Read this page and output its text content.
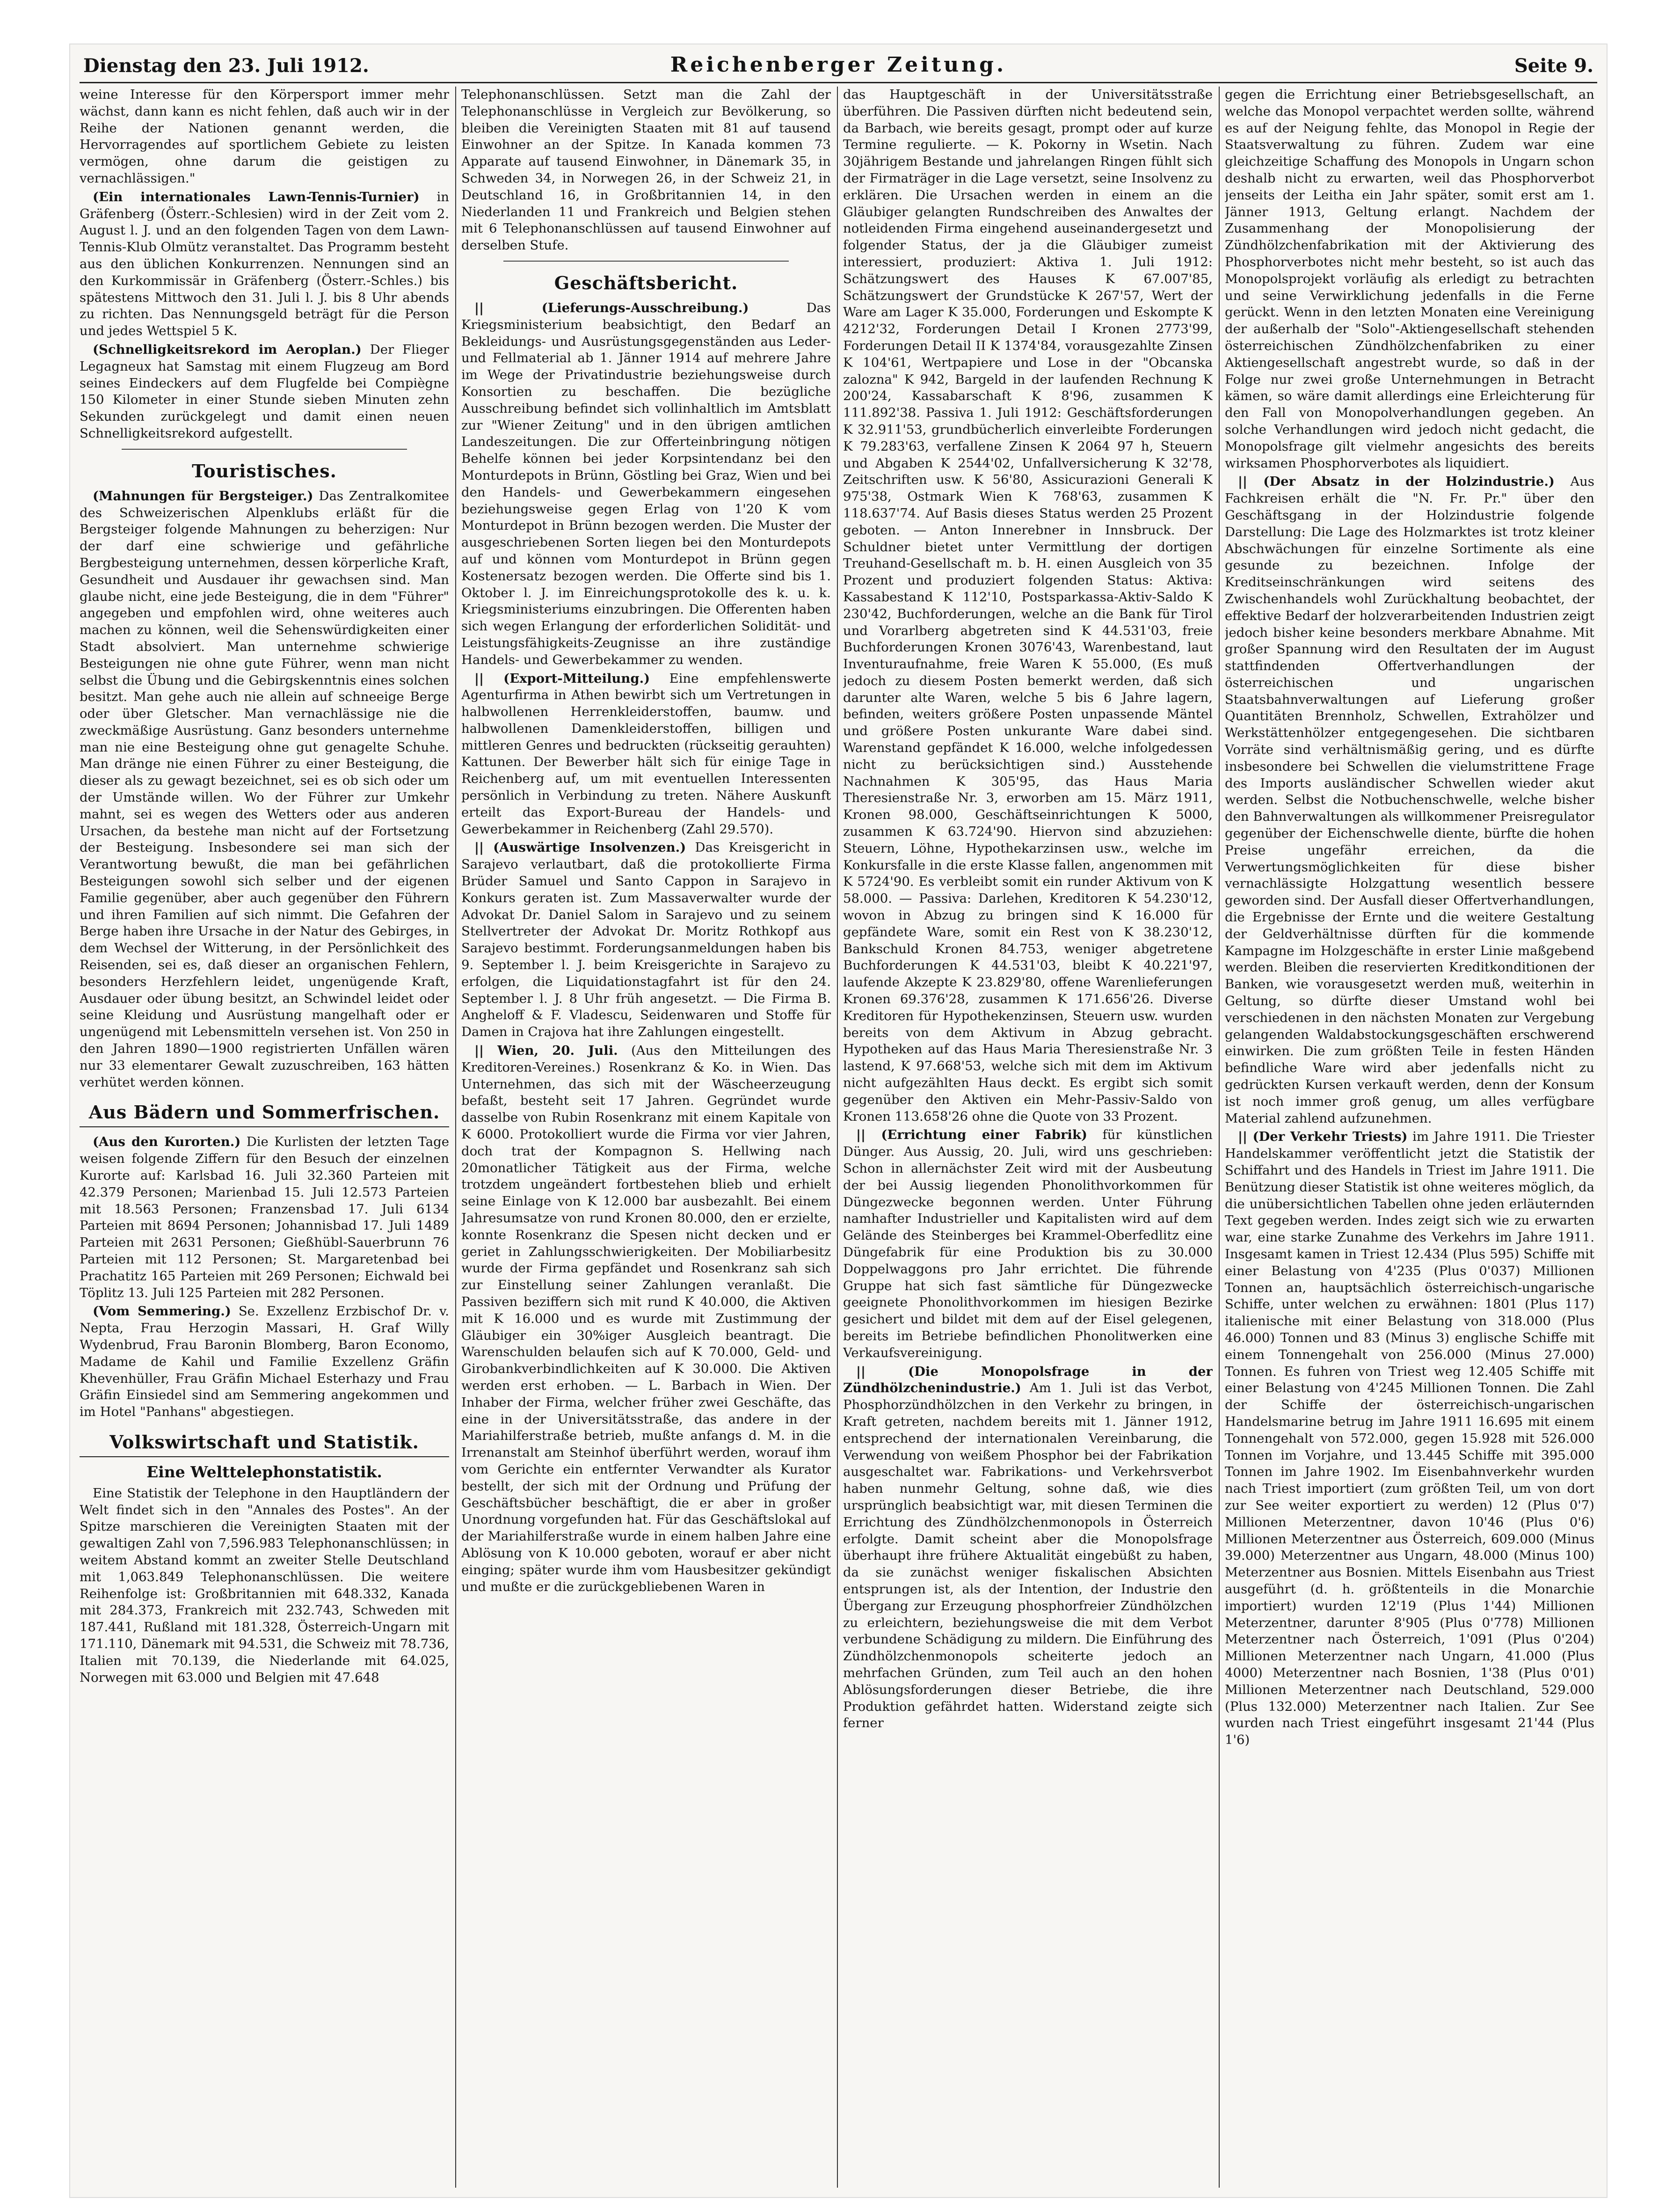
Dienstag den 23. Juli 1912.	Reichenberger Zeitung.	Seite 9.

weine Interesse für den Körpersport immer mehr wächst, dann kann es nicht fehlen, daß auch wir in der Reihe der Nationen genannt werden, die Hervorragendes auf sportlichem Gebiete zu leisten vermögen, ohne darum die geistigen zu vernachlässigen."

(Ein internationales Lawn-Tennis-Turnier) in Gräfenberg (Österr.-Schlesien) wird in der Zeit vom 2. August l. J. und an den folgenden Tagen von dem Lawn-Tennis-Klub Olmütz veranstaltet. Das Programm besteht aus den üblichen Konkurrenzen. Nennungen sind an den Kurkommissär in Gräfenberg (Österr.-Schles.) bis spätestens Mittwoch den 31. Juli l. J. bis 8 Uhr abends zu richten. Das Nennungsgeld beträgt für die Person und jedes Wettspiel 5 K.

(Schnelligkeitsrekord im Aeroplan.) Der Flieger Legagneux hat Samstag mit einem Flugzeug am Bord seines Eindeckers auf dem Flugfelde bei Compiègne 150 Kilometer in einer Stunde sieben Minuten zehn Sekunden zurückgelegt und damit einen neuen Schnelligkeitsrekord aufgestellt.

Touristisches.

(Mahnungen für Bergsteiger.) Das Zentralkomitee des Schweizerischen Alpenklubs erläßt für die Bergsteiger folgende Mahnungen zu beherzigen: Nur der darf eine schwierige und gefährliche Bergbesteigung unternehmen, dessen körperliche Kraft, Gesundheit und Ausdauer ihr gewachsen sind. Man glaube nicht, eine jede Besteigung, die in dem "Führer" angegeben und empfohlen wird, ohne weiteres auch machen zu können, weil die Sehenswürdigkeiten einer Stadt absolviert. Man unternehme schwierige Besteigungen nie ohne gute Führer, wenn man nicht selbst die Übung und die Gebirgskenntnis eines solchen besitzt. Man gehe auch nie allein auf schneeige Berge oder über Gletscher. Man vernachlässige nie die zweckmäßige Ausrüstung. Ganz besonders unternehme man nie eine Besteigung ohne gut genagelte Schuhe. Man dränge nie einen Führer zu einer Besteigung, die dieser als zu gewagt bezeichnet, sei es ob sich oder um der Umstände willen. Wo der Führer zur Umkehr mahnt, sei es wegen des Wetters oder aus anderen Ursachen, da bestehe man nicht auf der Fortsetzung der Besteigung. Insbesondere sei man sich der Verantwortung bewußt, die man bei gefährlichen Besteigungen sowohl sich selber und der eigenen Familie gegenüber, aber auch gegenüber den Führern und ihren Familien auf sich nimmt. Die Gefahren der Berge haben ihre Ursache in der Natur des Gebirges, in dem Wechsel der Witterung, in der Persönlichkeit des Reisenden, sei es, daß dieser an organischen Fehlern, besonders Herzfehlern leidet, ungenügende Kraft, Ausdauer oder übung besitzt, an Schwindel leidet oder seine Kleidung und Ausrüstung mangelhaft oder er ungenügend mit Lebensmitteln versehen ist. Von 250 in den Jahren 1890—1900 registrierten Unfällen wären nur 33 elementarer Gewalt zuzuschreiben, 163 hätten verhütet werden können.

Aus Bädern und Sommerfrischen.

(Aus den Kurorten.) Die Kurlisten der letzten Tage weisen folgende Ziffern für den Besuch der einzelnen Kurorte auf: Karlsbad 16. Juli 32.360 Parteien mit 42.379 Personen; Marienbad 15. Juli 12.573 Parteien mit 18.563 Personen; Franzensbad 17. Juli 6134 Parteien mit 8694 Personen; Johannisbad 17. Juli 1489 Parteien mit 2631 Personen; Gießhübl-Sauerbrunn 76 Parteien mit 112 Personen; St. Margaretenbad bei Prachatitz 165 Parteien mit 269 Personen; Eichwald bei Töplitz 13. Juli 125 Parteien mit 282 Personen.

(Vom Semmering.) Se. Exzellenz Erzbischof Dr. v. Nepta, Frau Herzogin Massari, H. Graf Willy Wydenbrud, Frau Baronin Blomberg, Baron Economo, Madame de Kahil und Familie Exzellenz Gräfin Khevenhüller, Frau Gräfin Michael Esterhazy und Frau Gräfin Einsiedel sind am Semmering angekommen und im Hotel "Panhans" abgestiegen.

Volkswirtschaft und Statistik.
Eine Welttelephonstatistik.

Eine Statistik der Telephone in den Hauptländern der Welt findet sich in den "Annales des Postes". An der Spitze marschieren die Vereinigten Staaten mit der gewaltigen Zahl von 7,596.983 Telephonanschlüssen; in weitem Abstand kommt an zweiter Stelle Deutschland mit 1,063.849 Telephonanschlüssen. Die weitere Reihenfolge ist: Großbritannien mit 648.332, Kanada mit 284.373, Frankreich mit 232.743, Schweden mit 187.441, Rußland mit 181.328, Österreich-Ungarn mit 171.110, Dänemark mit 94.531, die Schweiz mit 78.736, Italien mit 70.139, die Niederlande mit 64.025, Norwegen mit 63.000 und Belgien mit 47.648

Telephonanschlüssen. Setzt man die Zahl der Telephonanschlüsse in Vergleich zur Bevölkerung, so bleiben die Vereinigten Staaten mit 81 auf tausend Einwohner an der Spitze. In Kanada kommen 73 Apparate auf tausend Einwohner, in Dänemark 35, in Schweden 34, in Norwegen 26, in der Schweiz 21, in Deutschland 16, in Großbritannien 14, in den Niederlanden 11 und Frankreich und Belgien stehen mit 6 Telephonanschlüssen auf tausend Einwohner auf derselben Stufe.

Geschäftsbericht.

|| (Lieferungs-Ausschreibung.)	Das Kriegsministerium beabsichtigt, den Bedarf an Bekleidungs- und Ausrüstungsgegenständen aus Leder- und Fellmaterial ab 1. Jänner 1914 auf mehrere Jahre im Wege der Privatindustrie beziehungsweise durch Konsortien zu beschaffen. Die bezügliche Ausschreibung befindet sich vollinhaltlich im Amtsblatt zur "Wiener Zeitung" und in den übrigen amtlichen Landeszeitungen. Die zur Offerteinbringung nötigen Behelfe können bei jeder Korpsintendanz bei den Monturdepots in Brünn, Göstling bei Graz, Wien und bei den Handels- und Gewerbekammern eingesehen beziehungsweise gegen Erlag von 1'20 K vom Monturdepot in Brünn bezogen werden. Die Muster der ausgeschriebenen Sorten liegen bei den Monturdepots auf und können vom Monturdepot in Brünn gegen Kostenersatz bezogen werden. Die Offerte sind bis 1. Oktober l. J. im Einreichungsprotokolle des k. u. k. Kriegsministeriums einzubringen. Die Offerenten haben sich wegen Erlangung der erforderlichen Solidität- und Leistungsfähigkeits-Zeugnisse an ihre zuständige Handels- und Gewerbekammer zu wenden.

|| (Export-Mitteilung.) Eine empfehlenswerte Agenturfirma in Athen bewirbt sich um Vertretungen in halbwollenen Herrenkleiderstoffen, baumw. und halbwollenen Damenkleiderstoffen, billigen und mittleren Genres und bedruckten (rückseitig gerauhten) Kattunen. Der Bewerber hält sich für einige Tage in Reichenberg auf, um mit eventuellen Interessenten persönlich in Verbindung zu treten. Nähere Auskunft erteilt das Export-Bureau der Handels- und Gewerbekammer in Reichenberg (Zahl 29.570).

|| (Auswärtige Insolvenzen.) Das Kreisgericht in Sarajevo verlautbart, daß die protokollierte Firma Brüder Samuel und Santo Cappon in Sarajevo in Konkurs geraten ist. Zum Massaverwalter wurde der Advokat Dr. Daniel Salom in Sarajevo und zu seinem Stellvertreter der Advokat Dr. Moritz Rothkopf aus Sarajevo bestimmt. Forderungsanmeldungen haben bis 9. September l. J. beim Kreisgerichte in Sarajevo zu erfolgen, die Liquidationstagfahrt ist für den 24. September l. J. 8 Uhr früh angesetzt. — Die Firma B. Angheloff & F. Vladescu, Seidenwaren und Stoffe für Damen in Crajova hat ihre Zahlungen eingestellt.

|| Wien, 20. Juli. (Aus den Mitteilungen des Kreditoren-Vereines.) Rosenkranz & Ko. in Wien. Das Unternehmen, das sich mit der Wäscheerzeugung befaßt, besteht seit 17 Jahren. Gegründet wurde dasselbe von Rubin Rosenkranz mit einem Kapitale von K 6000. Protokolliert wurde die Firma vor vier Jahren, doch trat der Kompagnon S. Hellwing nach 20monatlicher Tätigkeit aus der Firma, welche trotzdem ungeändert fortbestehen blieb und erhielt seine Einlage von K 12.000 bar ausbezahlt. Bei einem Jahresumsatze von rund Kronen 80.000, den er erzielte, konnte Rosenkranz die Spesen nicht decken und er geriet in Zahlungsschwierigkeiten. Der Mobiliarbesitz wurde der Firma gepfändet und Rosenkranz sah sich zur Einstellung seiner Zahlungen veranlaßt. Die Passiven beziffern sich mit rund K 40.000, die Aktiven mit K 16.000 und es wurde mit Zustimmung der Gläubiger ein 30%iger Ausgleich beantragt. Die Warenschulden belaufen sich auf K 70.000, Geld- und Girobankverbindlichkeiten auf K 30.000. Die Aktiven werden erst erhoben. — L. Barbach in Wien. Der Inhaber der Firma, welcher früher zwei Geschäfte, das eine in der Universitätsstraße, das andere in der Mariahilferstraße betrieb, mußte anfangs d. M. in die Irrenanstalt am Steinhof überführt werden, worauf ihm vom Gerichte ein entfernter Verwandter als Kurator bestellt, der sich mit der Ordnung und Prüfung der Geschäftsbücher beschäftigt, die er aber in großer Unordnung vorgefunden hat. Für das Geschäftslokal auf der Mariahilferstraße wurde in einem halben Jahre eine Ablösung von K 10.000 geboten, worauf er aber nicht einging; später wurde ihm vom Hausbesitzer gekündigt und mußte er die zurückgebliebenen Waren in

das Hauptgeschäft in der Universitätsstraße überführen. Die Passiven dürften nicht bedeutend sein, da Barbach, wie bereits gesagt, prompt oder auf kurze Termine regulierte. — K. Pokorny in Wsetin. Nach 30jährigem Bestande und jahrelangen Ringen fühlt sich der Firmaträger in die Lage versetzt, seine Insolvenz zu erklären. Die Ursachen werden in einem an die Gläubiger gelangten Rundschreiben des Anwaltes der notleidenden Firma eingehend auseinandergesetzt und folgender Status, der ja die Gläubiger zumeist interessiert, produziert: Aktiva 1. Juli 1912: Schätzungswert des Hauses K 67.007'85, Schätzungswert der Grundstücke K 267'57, Wert der Ware am Lager K 35.000, Forderungen und Eskompte K 4212'32, Forderungen Detail I Kronen 2773'99, Forderungen Detail II K 1374'84, vorausgezahlte Zinsen K 104'61, Wertpapiere und Lose in der "Obcanska zalozna" K 942, Bargeld in der laufenden Rechnung K 200'24, Kassabarschaft K 8'96, zusammen K 111.892'38. Passiva 1. Juli 1912: Geschäftsforderungen K 32.911'53, grundbücherlich einverleibte Forderungen K 79.283'63, verfallene Zinsen K 2064 97 h, Steuern und Abgaben K 2544'02, Unfallversicherung K 32'78, Zeitschriften usw. K 56'80, Assicurazioni Generali K 975'38, Ostmark Wien K 768'63, zusammen K 118.637'74. Auf Basis dieses Status werden 25 Prozent geboten. — Anton Innerebner in Innsbruck. Der Schuldner bietet unter Vermittlung der dortigen Treuhand-Gesellschaft m. b. H. einen Ausgleich von 35 Prozent und produziert folgenden Status: Aktiva: Kassabestand K 112'10, Postsparkassa-Aktiv-Saldo K 230'42, Buchforderungen, welche an die Bank für Tirol und Vorarlberg abgetreten sind K 44.531'03, freie Buchforderungen Kronen 3076'43, Warenbestand, laut Inventuraufnahme, freie Waren K 55.000, (Es muß jedoch zu diesem Posten bemerkt werden, daß sich darunter alte Waren, welche 5 bis 6 Jahre lagern, befinden, weiters größere Posten unpassende Mäntel und größere Posten unkurante Ware dabei sind. Warenstand gepfändet K 16.000, welche infolgedessen nicht zu berücksichtigen sind.) Ausstehende Nachnahmen K 305'95, das Haus Maria Theresienstraße Nr. 3, erworben am 15. März 1911, Kronen 98.000, Geschäftseinrichtungen K 5000, zusammen K 63.724'90. Hiervon sind abzuziehen: Steuern, Löhne, Hypothekarzinsen usw., welche im Konkursfalle in die erste Klasse fallen, angenommen mit K 5724'90. Es verbleibt somit ein runder Aktivum von K 58.000. — Passiva: Darlehen, Kreditoren K 54.230'12, wovon in Abzug zu bringen sind K 16.000 für gepfändete Ware, somit ein Rest von K 38.230'12, Bankschuld Kronen 84.753, weniger abgetretene Buchforderungen K 44.531'03, bleibt K 40.221'97, laufende Akzepte K 23.829'80, offene Warenlieferungen Kronen 69.376'28, zusammen K 171.656'26. Diverse Kreditoren für Hypothekenzinsen, Steuern usw. wurden bereits von dem Aktivum in Abzug gebracht. Hypotheken auf das Haus Maria Theresienstraße Nr. 3 lastend, K 97.668'53, welche sich mit dem im Aktivum nicht aufgezählten Haus deckt. Es ergibt sich somit gegenüber den Aktiven ein Mehr-Passiv-Saldo von Kronen 113.658'26 ohne die Quote von 33 Prozent.

|| (Errichtung einer Fabrik) für künstlichen Dünger. Aus Aussig, 20. Juli, wird uns geschrieben: Schon in allernächster Zeit wird mit der Ausbeutung der bei Aussig liegenden Phonolithvorkommen für Düngezwecke begonnen werden. Unter Führung namhafter Industrieller und Kapitalisten wird auf dem Gelände des Steinberges bei Krammel-Oberfedlitz eine Düngefabrik für eine Produktion bis zu 30.000 Doppelwaggons pro Jahr errichtet. Die führende Gruppe hat sich fast sämtliche für Düngezwecke geeignete Phonolithvorkommen im hiesigen Bezirke gesichert und bildet mit dem auf der Eisel gelegenen, bereits im Betriebe befindlichen Phonolitwerken eine Verkaufsvereinigung.

|| (Die Monopolsfrage in der Zündhölzchenindustrie.) Am 1. Juli ist das Verbot, Phosphorzündhölzchen in den Verkehr zu bringen, in Kraft getreten, nachdem bereits mit 1. Jänner 1912, entsprechend der internationalen Vereinbarung, die Verwendung von weißem Phosphor bei der Fabrikation ausgeschaltet war. Fabrikations- und Verkehrsverbot haben nunmehr Geltung, sohne daß, wie dies ursprünglich beabsichtigt war, mit diesen Terminen die Errichtung des Zündhölzchenmonopols in Österreich erfolgte. Damit scheint aber die Monopolsfrage überhaupt ihre frühere Aktualität eingebüßt zu haben, da sie zunächst weniger fiskalischen Absichten entsprungen ist, als der Intention, der Industrie den Übergang zur Erzeugung phosphorfreier Zündhölzchen zu erleichtern, beziehungsweise die mit dem Verbot verbundene Schädigung zu mildern. Die Einführung des Zündhölzchenmonopols scheiterte jedoch an mehrfachen Gründen, zum Teil auch an den hohen Ablösungsforderungen dieser Betriebe, die ihre Produktion gefährdet hatten. Widerstand zeigte sich ferner

gegen die Errichtung einer Betriebsgesellschaft, an welche das Monopol verpachtet werden sollte, während es auf der Neigung fehlte, das Monopol in Regie der Staatsverwaltung zu führen. Zudem war eine gleichzeitige Schaffung des Monopols in Ungarn schon deshalb nicht zu erwarten, weil das Phosphorverbot jenseits der Leitha ein Jahr später, somit erst am 1. Jänner 1913, Geltung erlangt. Nachdem der Zusammenhang der Monopolisierung der Zündhölzchenfabrikation mit der Aktivierung des Phosphorverbotes nicht mehr besteht, so ist auch das Monopolsprojekt vorläufig als erledigt zu betrachten und seine Verwirklichung jedenfalls in die Ferne gerückt. Wenn in den letzten Monaten eine Vereinigung der außerhalb der "Solo"-Aktiengesellschaft stehenden österreichischen Zündhölzchenfabriken zu einer Aktiengesellschaft angestrebt wurde, so daß in der Folge nur zwei große Unternehmungen in Betracht kämen, so wäre damit allerdings eine Erleichterung für den Fall von Monopolverhandlungen gegeben. An solche Verhandlungen wird jedoch nicht gedacht, die Monopolsfrage gilt vielmehr angesichts des bereits wirksamen Phosphorverbotes als liquidiert.

|| (Der Absatz in der Holzindustrie.) Aus Fachkreisen erhält die "N. Fr. Pr." über den Geschäftsgang in der Holzindustrie folgende Darstellung: Die Lage des Holzmarktes ist trotz kleiner Abschwächungen für einzelne Sortimente als eine gesunde zu bezeichnen. Infolge der Kreditseinschränkungen wird seitens des Zwischenhandels wohl Zurückhaltung beobachtet, der effektive Bedarf der holzverarbeitenden Industrien zeigt jedoch bisher keine besonders merkbare Abnahme. Mit großer Spannung wird den Resultaten der im August stattfindenden Offertverhandlungen der österreichischen und ungarischen Staatsbahnverwaltungen auf Lieferung großer Quantitäten Brennholz, Schwellen, Extrahölzer und Werkstättenhölzer entgegengesehen. Die sichtbaren Vorräte sind verhältnismäßig gering, und es dürfte insbesondere bei Schwellen die vielumstrittene Frage des Imports ausländischer Schwellen wieder akut werden. Selbst die Notbuchenschwelle, welche bisher den Bahnverwaltungen als willkommener Preisregulator gegenüber der Eichenschwelle diente, bürfte die hohen Preise ungefähr erreichen, da die Verwertungsmöglichkeiten für diese bisher vernachlässigte Holzgattung wesentlich bessere geworden sind. Der Ausfall dieser Offertverhandlungen, die Ergebnisse der Ernte und die weitere Gestaltung der Geldverhältnisse dürften für die kommende Kampagne im Holzgeschäfte in erster Linie maßgebend werden. Bleiben die reservierten Kreditkonditionen der Banken, wie vorausgesetzt werden muß, weiterhin in Geltung, so dürfte dieser Umstand wohl bei verschiedenen in den nächsten Monaten zur Vergebung gelangenden Waldabstockungsgeschäften erschwerend einwirken. Die zum größten Teile in festen Händen befindliche Ware wird aber jedenfalls nicht zu gedrückten Kursen verkauft werden, denn der Konsum ist noch immer groß genug, um alles verfügbare Material zahlend aufzunehmen.

|| (Der Verkehr Triests) im Jahre 1911. Die Triester Handelskammer veröffentlicht jetzt die Statistik der Schiffahrt und des Handels in Triest im Jahre 1911. Die Benützung dieser Statistik ist ohne weiteres möglich, da die unübersichtlichen Tabellen ohne jeden erläuternden Text gegeben werden. Indes zeigt sich wie zu erwarten war, eine starke Zunahme des Verkehrs im Jahre 1911. Insgesamt kamen in Triest 12.434 (Plus 595) Schiffe mit einer Belastung von 4'235 (Plus 0'037) Millionen Tonnen an, hauptsächlich österreichisch-ungarische Schiffe, unter welchen zu erwähnen: 1801 (Plus 117) italienische mit einer Belastung von 318.000 (Plus 46.000) Tonnen und 83 (Minus 3) englische Schiffe mit einem Tonnengehalt von 256.000 (Minus 27.000) Tonnen. Es fuhren von Triest weg 12.405 Schiffe mit einer Belastung von 4'245 Millionen Tonnen. Die Zahl der Schiffe der österreichisch-ungarischen Handelsmarine betrug im Jahre 1911 16.695 mit einem Tonnengehalt von 572.000, gegen 15.928 mit 526.000 Tonnen im Vorjahre, und 13.445 Schiffe mit 395.000 Tonnen im Jahre 1902. Im Eisenbahnverkehr wurden nach Triest importiert (zum größten Teil, um von dort zur See weiter exportiert zu werden) 12 (Plus 0'7) Millionen Meterzentner, davon 10'46 (Plus 0'6) Millionen Meterzentner aus Österreich, 609.000 (Minus 39.000) Meterzentner aus Ungarn, 48.000 (Minus 100) Meterzentner aus Bosnien. Mittels Eisenbahn aus Triest ausgeführt (d. h. größtenteils in die Monarchie importiert) wurden 12'19 (Plus 1'44) Millionen Meterzentner, darunter 8'905 (Plus 0'778) Millionen Meterzentner nach Österreich, 1'091 (Plus 0'204) Millionen Meterzentner nach Ungarn, 41.000 (Plus 4000) Meterzentner nach Bosnien, 1'38 (Plus 0'01) Millionen Meterzentner nach Deutschland, 529.000 (Plus 132.000) Meterzentner nach Italien. Zur See wurden nach Triest eingeführt insgesamt 21'44 (Plus 1'6)
